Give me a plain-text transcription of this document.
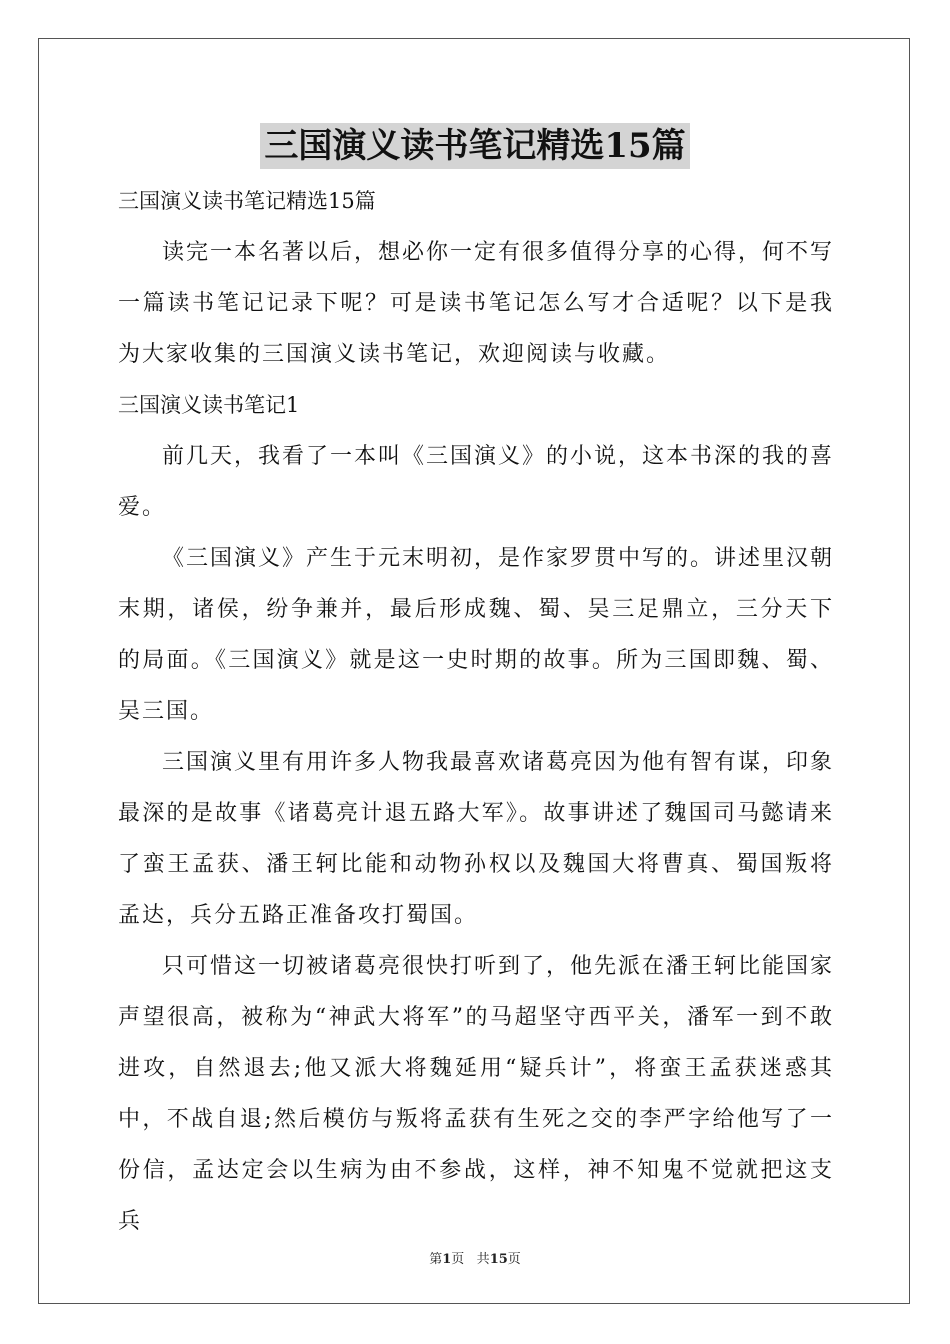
三国演义读书笔记精选15篇

三国演义读书笔记精选15篇

读完一本名著以后，想必你一定有很多值得分享的心得，何不写一篇读书笔记记录下呢？可是读书笔记怎么写才合适呢？以下是我为大家收集的三国演义读书笔记，欢迎阅读与收藏。

三国演义读书笔记1

前几天，我看了一本叫《三国演义》的小说，这本书深的我的喜爱。

《三国演义》产生于元末明初，是作家罗贯中写的。讲述里汉朝末期，诸侯，纷争兼并，最后形成魏、蜀、吴三足鼎立，三分天下的局面。《三国演义》就是这一史时期的故事。所为三国即魏、蜀、吴三国。

三国演义里有用许多人物我最喜欢诸葛亮因为他有智有谋，印象最深的是故事《诸葛亮计退五路大军》。故事讲述了魏国司马懿请来了蛮王孟获、潘王轲比能和动物孙权以及魏国大将曹真、蜀国叛将孟达，兵分五路正准备攻打蜀国。

只可惜这一切被诸葛亮很快打听到了，他先派在潘王轲比能国家声望很高，被称为“神武大将军”的马超坚守西平关，潘军一到不敢进攻，自然退去;他又派大将魏延用“疑兵计”，将蛮王孟获迷惑其中，不战自退;然后模仿与叛将孟获有生死之交的李严字给他写了一份信，孟达定会以生病为由不参战，这样，神不知鬼不觉就把这支兵

第1页 共15页
